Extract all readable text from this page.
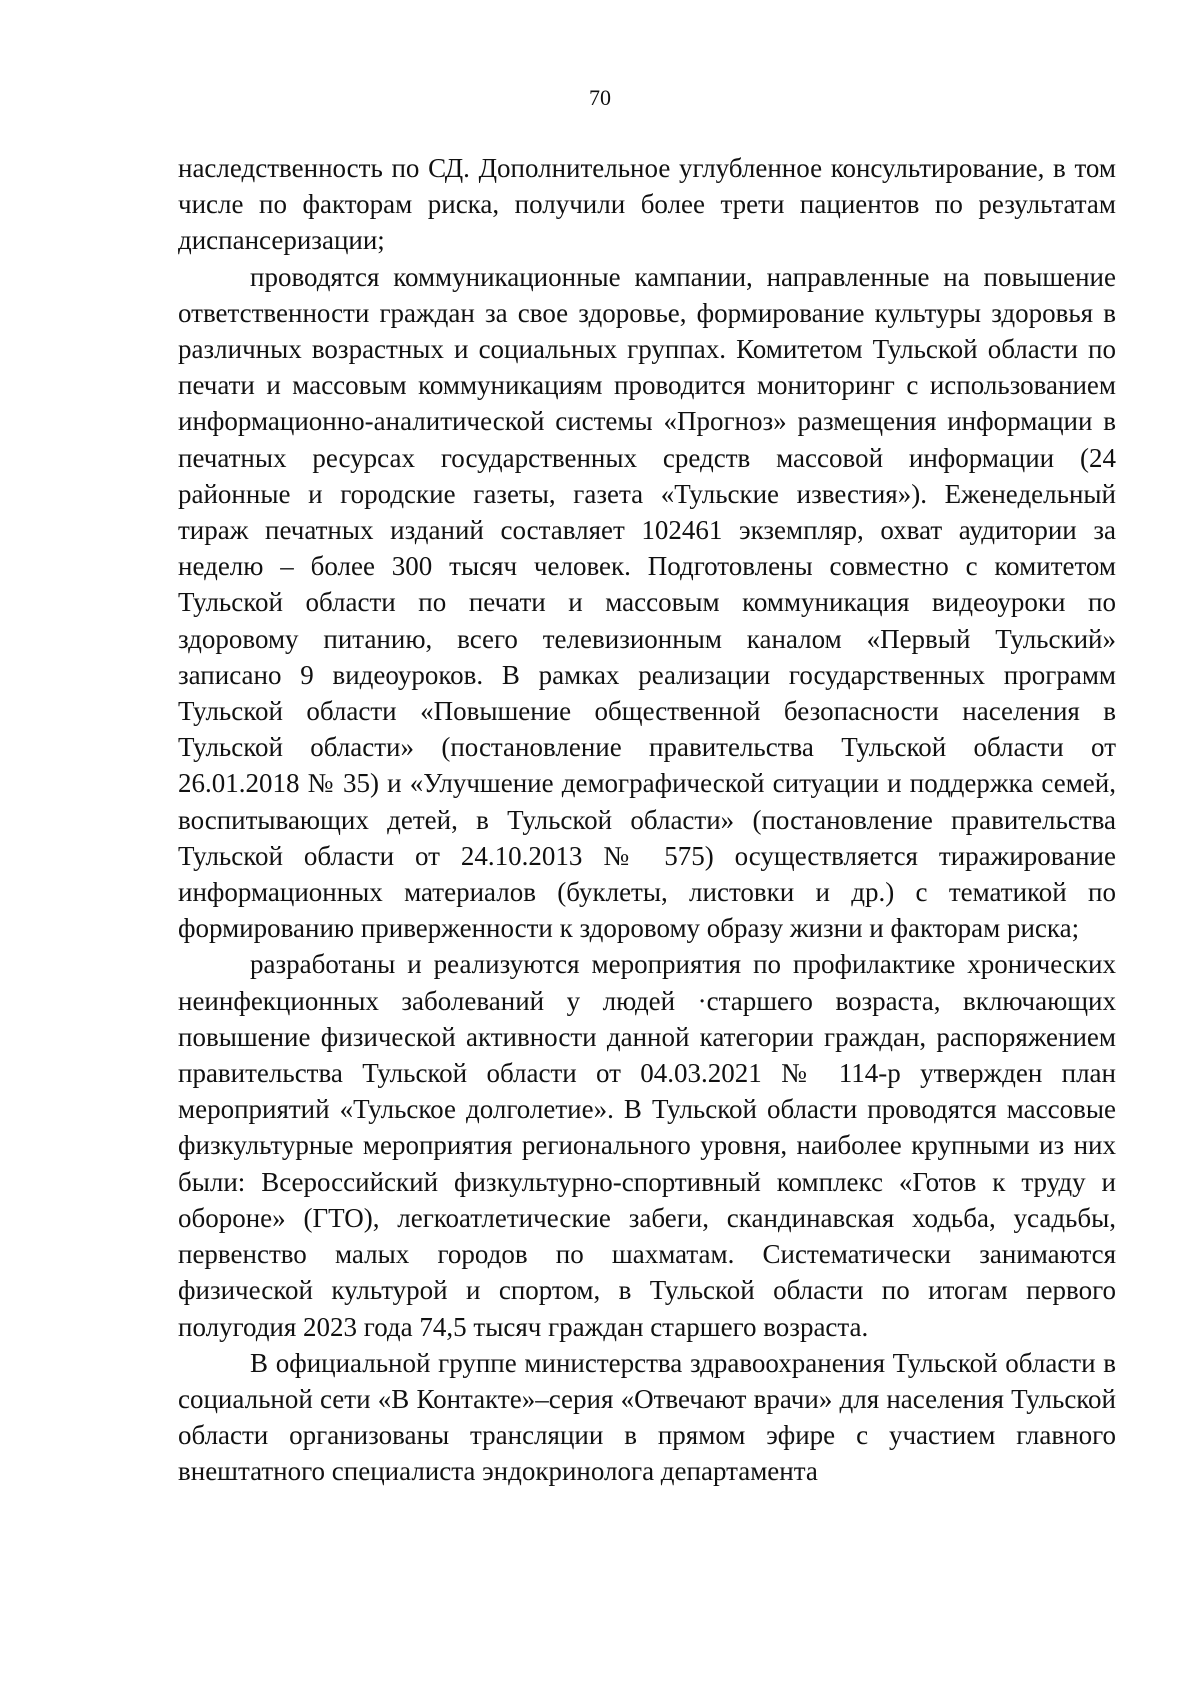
70

наследственность по СД. Дополнительное углубленное консультирование, в том числе по факторам риска, получили более трети пациентов по результатам диспансеризации;

проводятся коммуникационные кампании, направленные на повышение ответственности граждан за свое здоровье, формирование культуры здоровья в различных возрастных и социальных группах. Комитетом Тульской области по печати и массовым коммуникациям проводится мониторинг с использованием информационно-аналитической системы «Прогноз» размещения информации в печатных ресурсах государственных средств массовой информации (24 районные и городские газеты, газета «Тульские известия»). Еженедельный тираж печатных изданий составляет 102461 экземпляр, охват аудитории за неделю – более 300 тысяч человек. Подготовлены совместно с комитетом Тульской области по печати и массовым коммуникация видеоуроки по здоровому питанию, всего телевизионным каналом «Первый Тульский» записано 9 видеоуроков. В рамках реализации государственных программ Тульской области «Повышение общественной безопасности населения в Тульской области» (постановление правительства Тульской области от 26.01.2018 № 35) и «Улучшение демографической ситуации и поддержка семей, воспитывающих детей, в Тульской области» (постановление правительства Тульской области от 24.10.2013 № 575) осуществляется тиражирование информационных материалов (буклеты, листовки и др.) с тематикой по формированию приверженности к здоровому образу жизни и факторам риска;

разработаны и реализуются мероприятия по профилактике хронических неинфекционных заболеваний у людей ·старшего возраста, включающих повышение физической активности данной категории граждан, распоряжением правительства Тульской области от 04.03.2021 № 114-р утвержден план мероприятий «Тульское долголетие». В Тульской области проводятся массовые физкультурные мероприятия регионального уровня, наиболее крупными из них были: Всероссийский физкультурно-спортивный комплекс «Готов к труду и обороне» (ГТО), легкоатлетические забеги, скандинавская ходьба, усадьбы, первенство малых городов по шахматам. Систематически занимаются физической культурой и спортом, в Тульской области по итогам первого полугодия 2023 года 74,5 тысяч граждан старшего возраста.

В официальной группе министерства здравоохранения Тульской области в социальной сети «В Контакте»–серия «Отвечают врачи» для населения Тульской области организованы трансляции в прямом эфире с участием главного внештатного специалиста эндокринолога департамента
